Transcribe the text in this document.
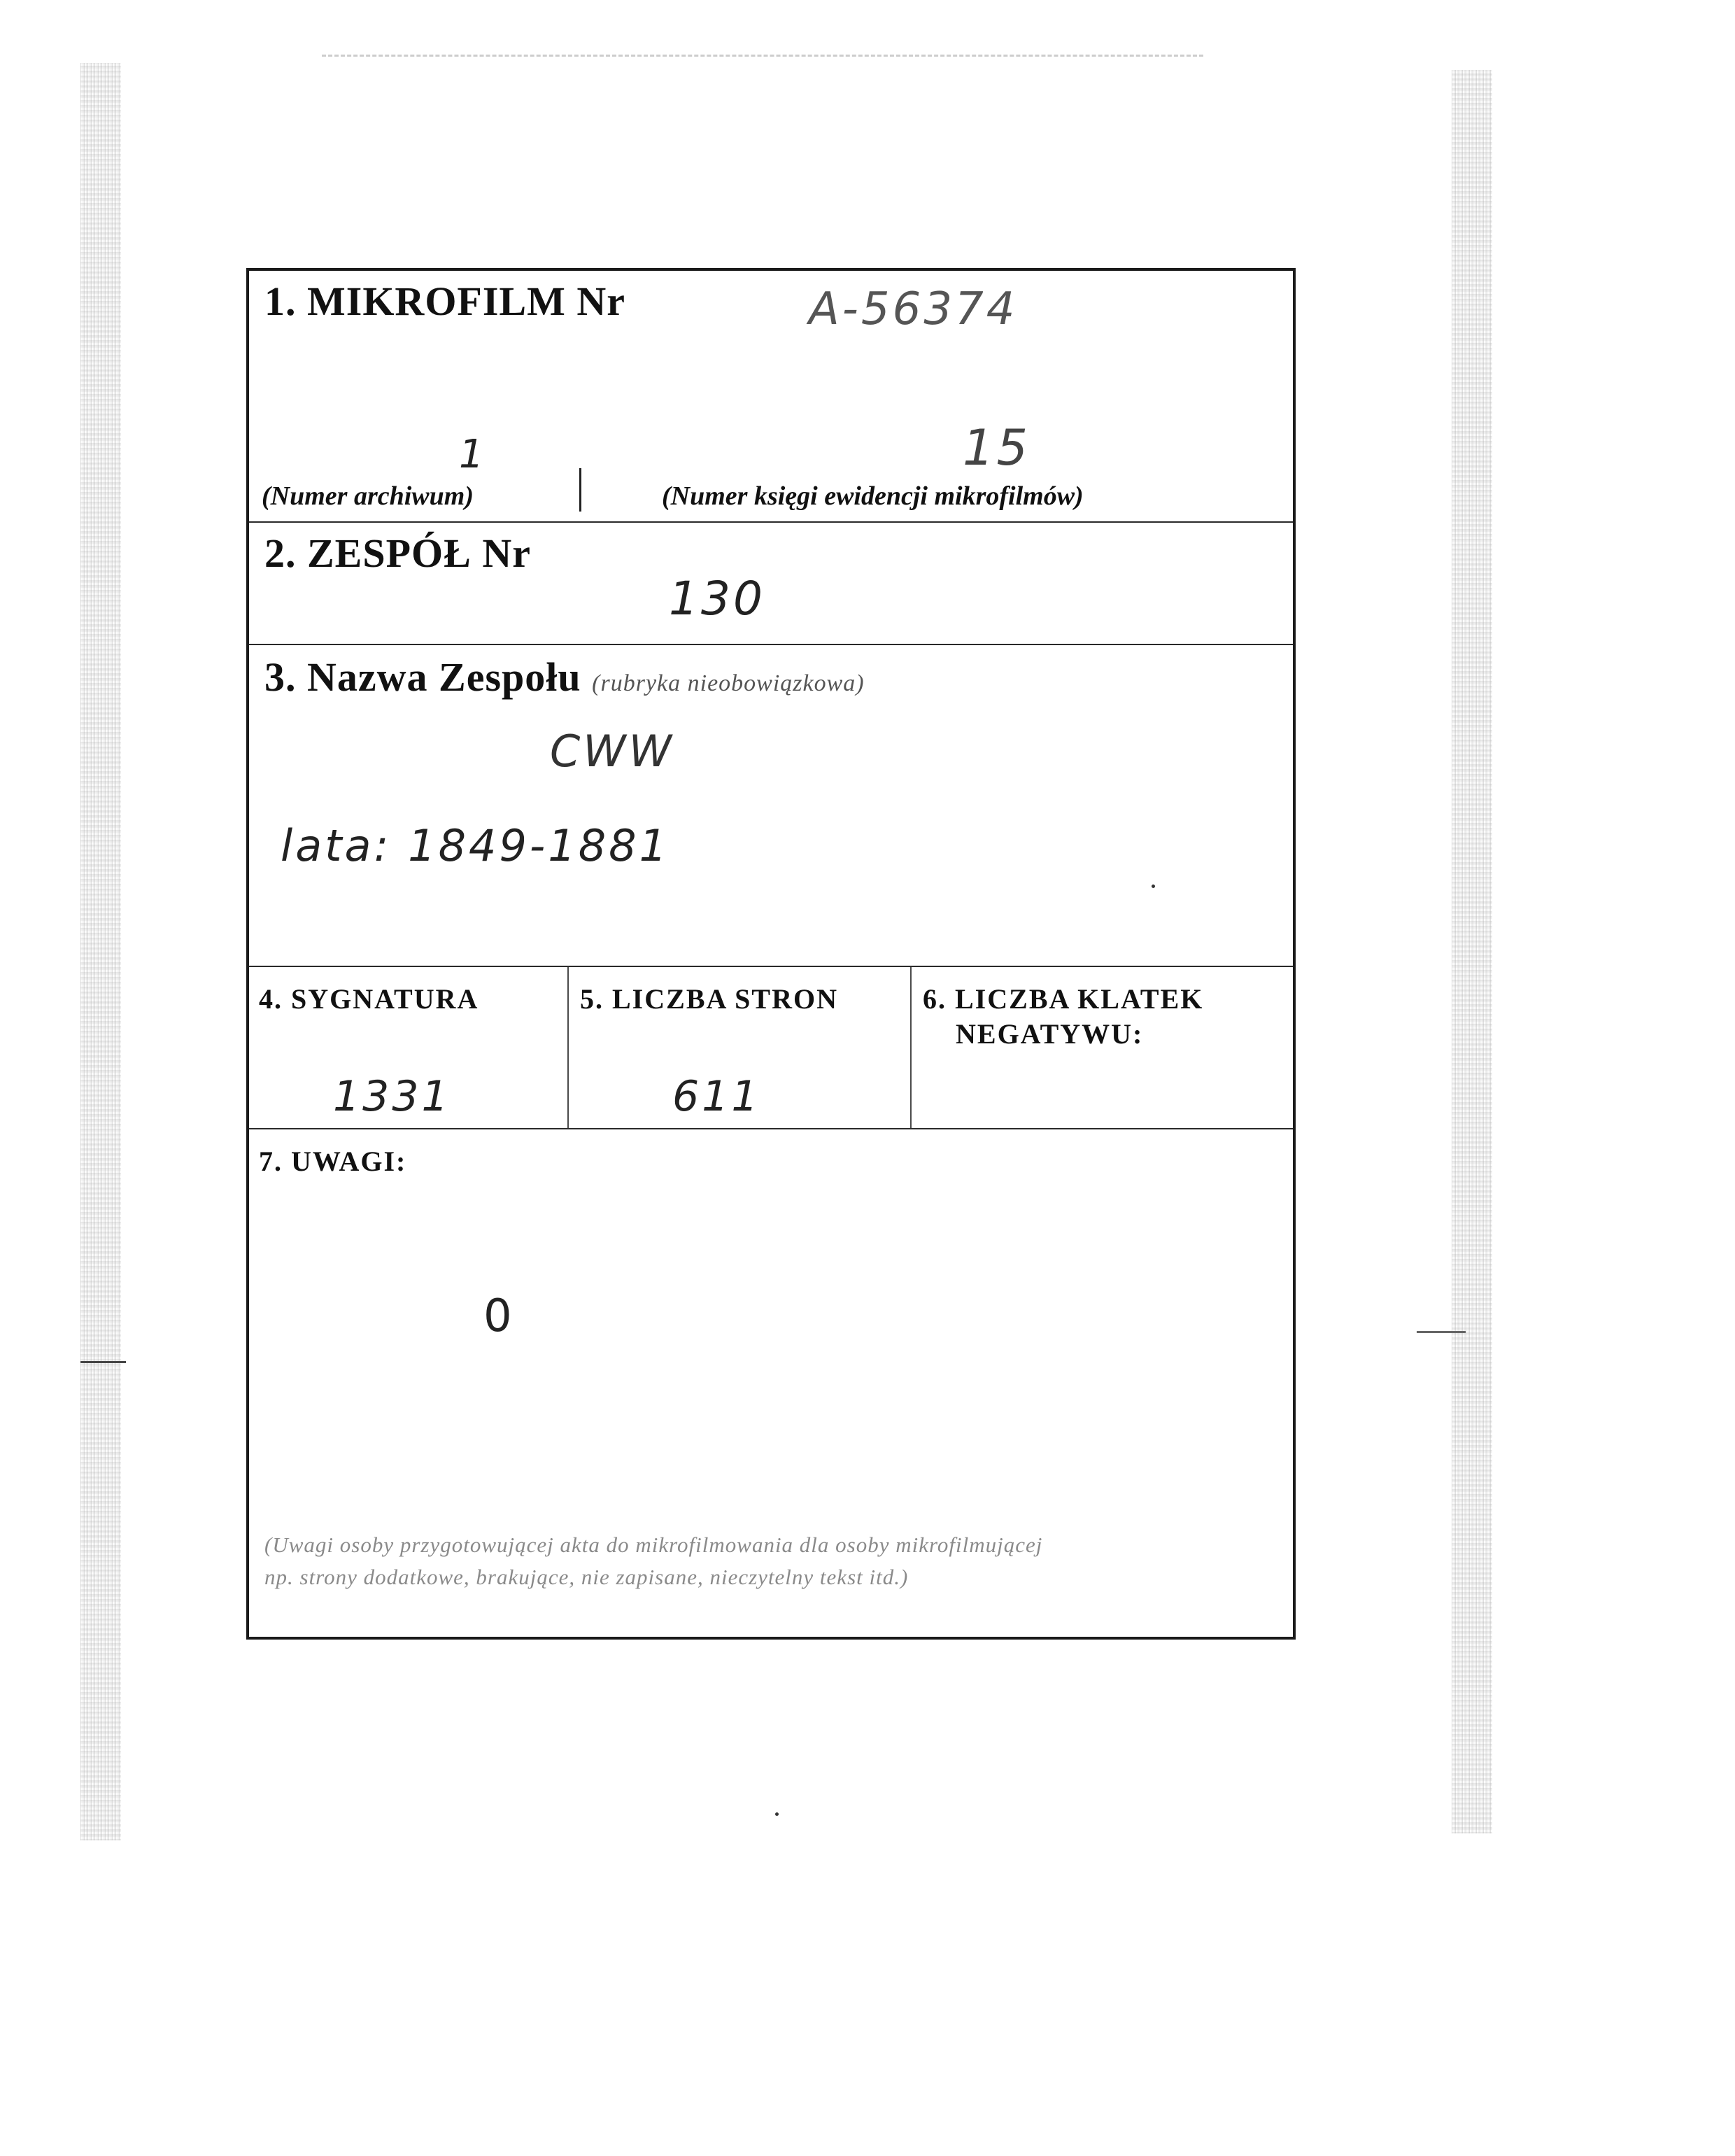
1. MIKROFILM Nr	A-56374
1	15
(Numer archiwum)	(Numer księgi ewidencji mikrofilmów)
2. ZESPÓŁ Nr
130
3. Nazwa Zespołu (rubryka nieobowiązkowa)
CWW
lata: 1849-1881
4. SYGNATURA
1331
5. LICZBA STRON
611
6. LICZBA KLATEK
NEGATYWU:
7. UWAGI:
0
(Uwagi osoby przygotowującej akta do mikrofilmowania dla osoby mikrofilmującej
np. strony dodatkowe, brakujące, nie zapisane, nieczytelny tekst itd.)
